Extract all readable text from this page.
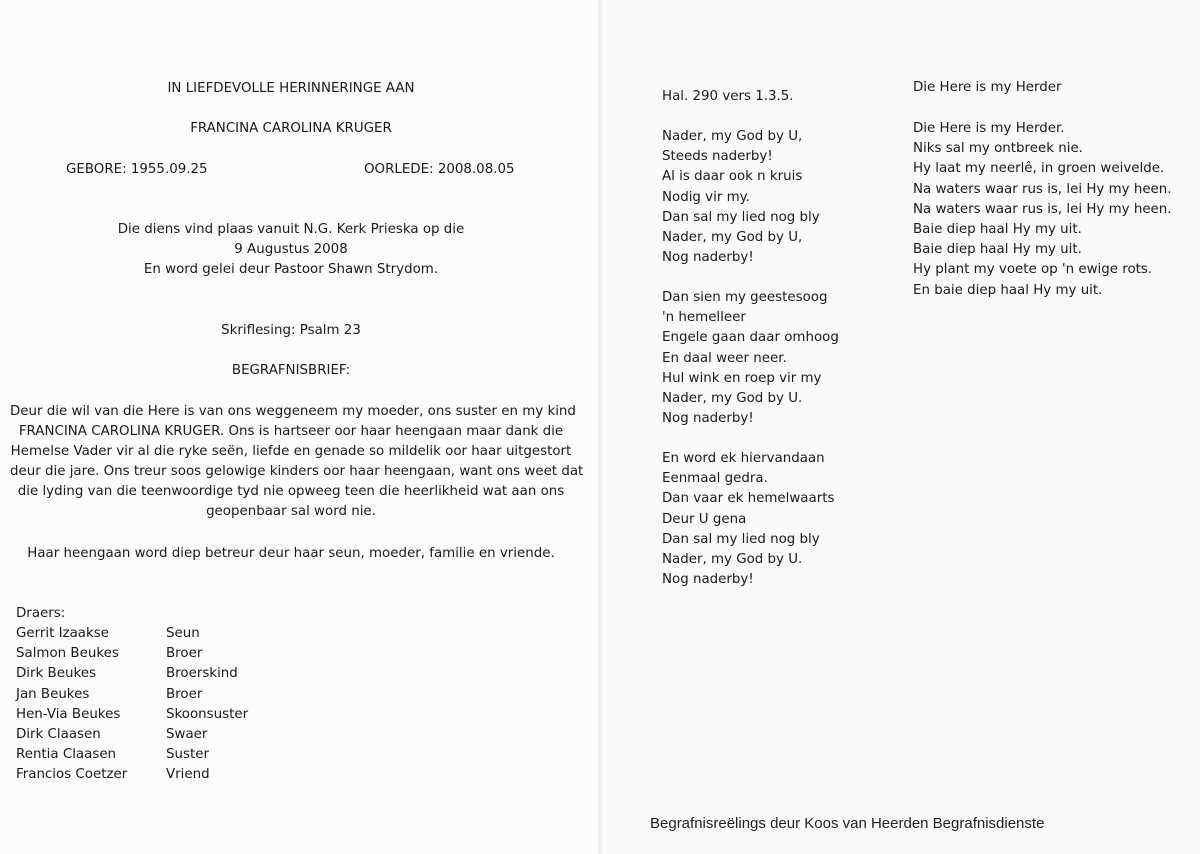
IN LIEFDEVOLLE HERINNERINGE AAN
FRANCINA CAROLINA KRUGER
GEBORE: 1955.09.25	OORLEDE: 2008.08.05
Die diens vind plaas vanuit N.G. Kerk Prieska op die
9 Augustus 2008
En word gelei deur Pastoor Shawn Strydom.
Skriflesing: Psalm 23
BEGRAFNISBRIEF:
Deur die wil van die Here is van ons weggeneem my moeder, ons suster en my kind
FRANCINA CAROLINA KRUGER. Ons is hartseer oor haar heengaan maar dank die
Hemelse Vader vir al die ryke seën, liefde en genade so mildelik oor haar uitgestort
deur die jare. Ons treur soos gelowige kinders oor haar heengaan, want ons weet dat
die lyding van die teenwoordige tyd nie opweeg teen die heerlikheid wat aan ons
geopenbaar sal word nie.
Haar heengaan word diep betreur deur haar seun, moeder, familie en vriende.
Draers:
Gerrit Izaakse	Seun
Salmon Beukes	Broer
Dirk Beukes	Broerskind
Jan Beukes	Broer
Hen-Via Beukes	Skoonsuster
Dirk Claasen	Swaer
Rentia Claasen	Suster
Francios Coetzer	Vriend
Hal. 290 vers 1.3.5.
Nader, my God by U,
Steeds naderby!
Al is daar ook n kruis
Nodig vir my.
Dan sal my lied nog bly
Nader, my God by U,
Nog naderby!
Dan sien my geestesoog
'n hemelleer
Engele gaan daar omhoog
En daal weer neer.
Hul wink en roep vir my
Nader, my God by U.
Nog naderby!
En word ek hiervandaan
Eenmaal gedra.
Dan vaar ek hemelwaarts
Deur U gena
Dan sal my lied nog bly
Nader, my God by U.
Nog naderby!
Die Here is my Herder
Die Here is my Herder.
Niks sal my ontbreek nie.
Hy laat my neerlê, in groen weivelde.
Na waters waar rus is, lei Hy my heen.
Na waters waar rus is, lei Hy my heen.
Baie diep haal Hy my uit.
Baie diep haal Hy my uit.
Hy plant my voete op 'n ewige rots.
En baie diep haal Hy my uit.
Begrafnisreëlings deur Koos van Heerden Begrafnisdienste
